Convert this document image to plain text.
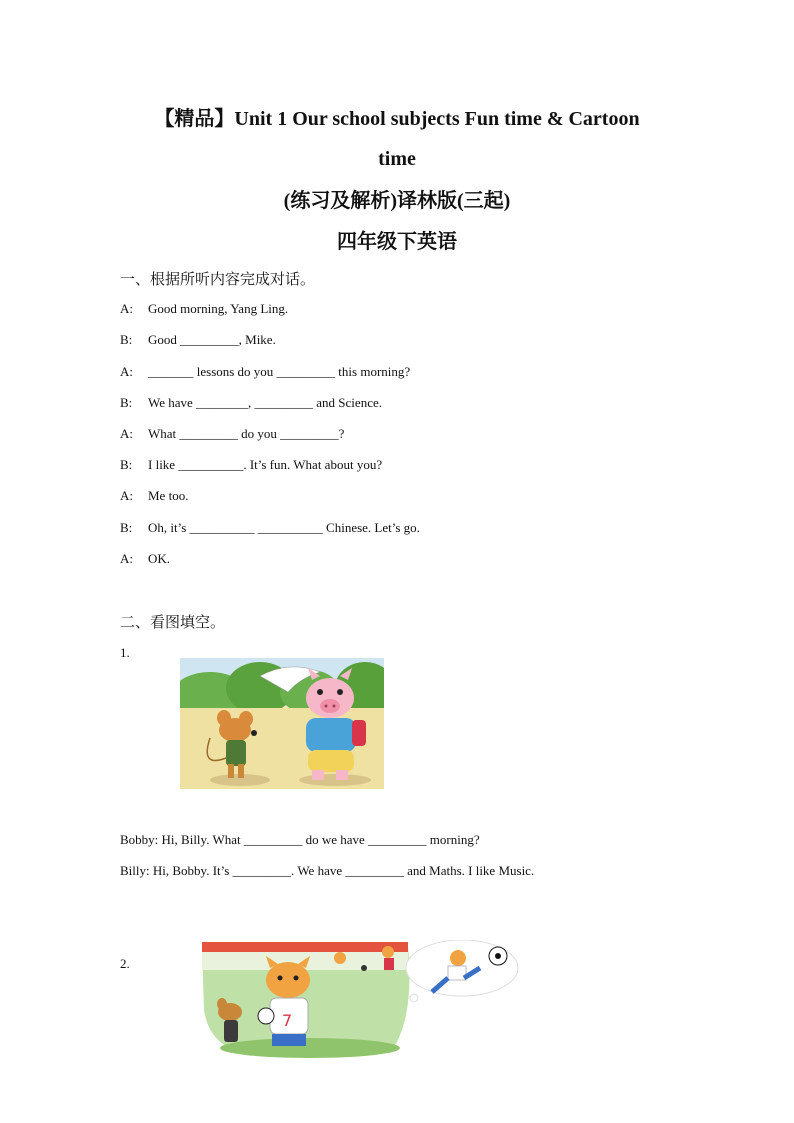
【精品】Unit 1 Our school subjects Fun time & Cartoon
time
(练习及解析)译林版(三起)
四年级下英语
一、根据所听内容完成对话。
A: Good morning, Yang Ling.
B: Good _________, Mike.
A: _______ lessons do you _________ this morning?
B: We have ________, _________ and Science.
A: What _________ do you _________?
B: I like __________. It’s fun. What about you?
A: Me too.
B: Oh, it’s __________ __________ Chinese. Let’s go.
A: OK.
二、看图填空。
1.
Bobby: Hi, Billy. What _________ do we have _________ morning?
Billy: Hi, Bobby. It’s _________. We have _________ and Maths. I like Music.
2.
7
